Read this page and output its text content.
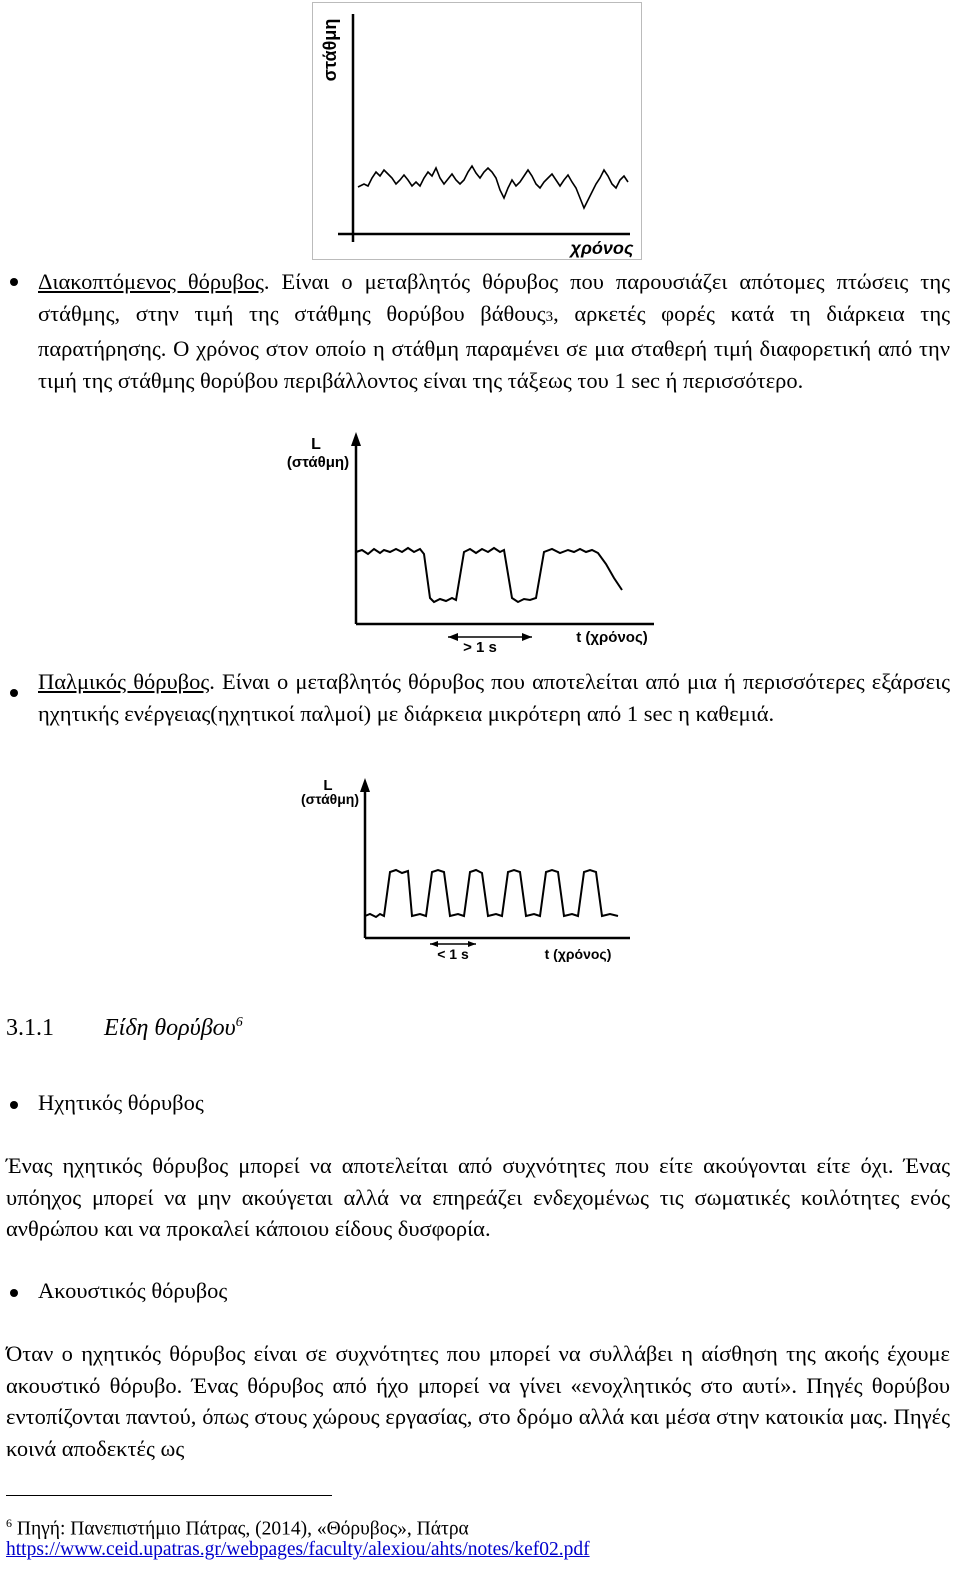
στάθμη
χρόνος
Διακοπτόμενος θόρυβος. Είναι ο μεταβλητός θόρυβος που παρουσιάζει απότομες πτώσεις της στάθμης, στην τιμή της στάθμης θορύβου βάθους3, αρκετές φορές κατά τη διάρκεια της παρατήρησης. Ο χρόνος στον οποίο η στάθμη παραμένει σε μια σταθερή τιμή διαφορετική από την τιμή της στάθμης θορύβου περιβάλλοντος είναι της τάξεως του 1 sec ή περισσότερο.
L
(στάθμη)
> 1 s
t (χρόνος)
Παλμικός θόρυβος. Είναι ο μεταβλητός θόρυβος που αποτελείται από μια ή περισσότερες εξάρσεις ηχητικής ενέργειας(ηχητικοί παλμοί) με διάρκεια μικρότερη από 1 sec η καθεμιά.
L
(στάθμη)
< 1 s	t (χρόνος)
3.1.1 Είδη θορύβου$^6$
Ηχητικός θόρυβος
Ένας ηχητικός θόρυβος μπορεί να αποτελείται από συχνότητες που είτε ακούγονται είτε όχι. Ένας υπόηχος μπορεί να μην ακούγεται αλλά να επηρεάζει ενδεχομένως τις σωματικές κοιλότητες ενός ανθρώπου και να προκαλεί κάποιου είδους δυσφορία.
Ακουστικός θόρυβος
Όταν ο ηχητικός θόρυβος είναι σε συχνότητες που μπορεί να συλλάβει η αίσθηση της ακοής έχουμε ακουστικό θόρυβο. Ένας θόρυβος από ήχο μπορεί να γίνει «ενοχλητικός στο αυτί». Πηγές θορύβου εντοπίζονται παντού, όπως στους χώρους εργασίας, στο δρόμο αλλά και μέσα στην κατοικία μας. Πηγές κοινά αποδεκτές ως
$^6$ Πηγή: Πανεπιστήμιο Πάτρας, (2014), «Θόρυβος», Πάτρα
https://www.ceid.upatras.gr/webpages/faculty/alexiou/ahts/notes/kef02.pdf
